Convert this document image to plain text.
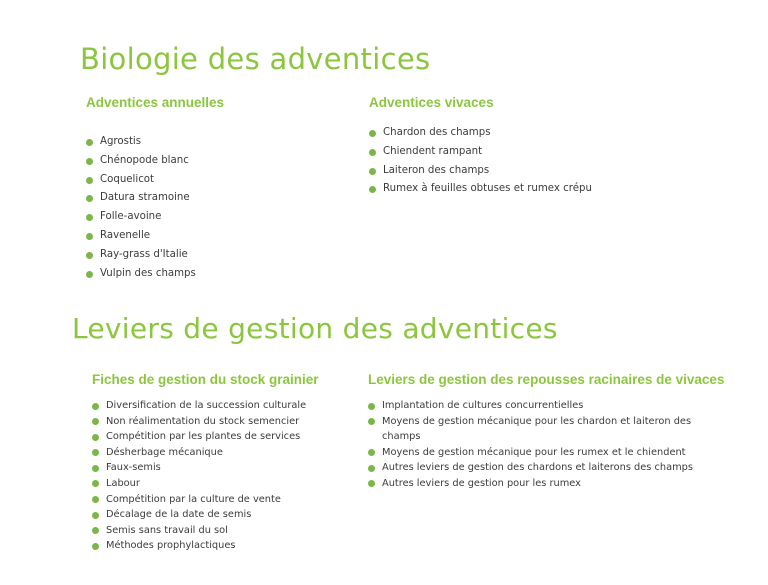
Biologie des adventices
Adventices annuelles
Agrostis
Chénopode blanc
Coquelicot
Datura stramoine
Folle-avoine
Ravenelle
Ray-grass d'Italie
Vulpin des champs
Adventices vivaces
Chardon des champs
Chiendent rampant
Laiteron des champs
Rumex à feuilles obtuses et rumex crépu
Leviers de gestion des adventices
Fiches de gestion du stock grainier
Diversification de la succession culturale
Non réalimentation du stock semencier
Compétition par les plantes de services
Désherbage mécanique
Faux-semis
Labour
Compétition par la culture de vente
Décalage de la date de semis
Semis sans travail du sol
Méthodes prophylactiques
Leviers de gestion des repousses racinaires de vivaces
Implantation de cultures concurrentielles
Moyens de gestion mécanique pour les chardon et laiteron des champs
Moyens de gestion mécanique pour les rumex et le chiendent
Autres leviers de gestion des chardons et laiterons des champs
Autres leviers de gestion pour les rumex
